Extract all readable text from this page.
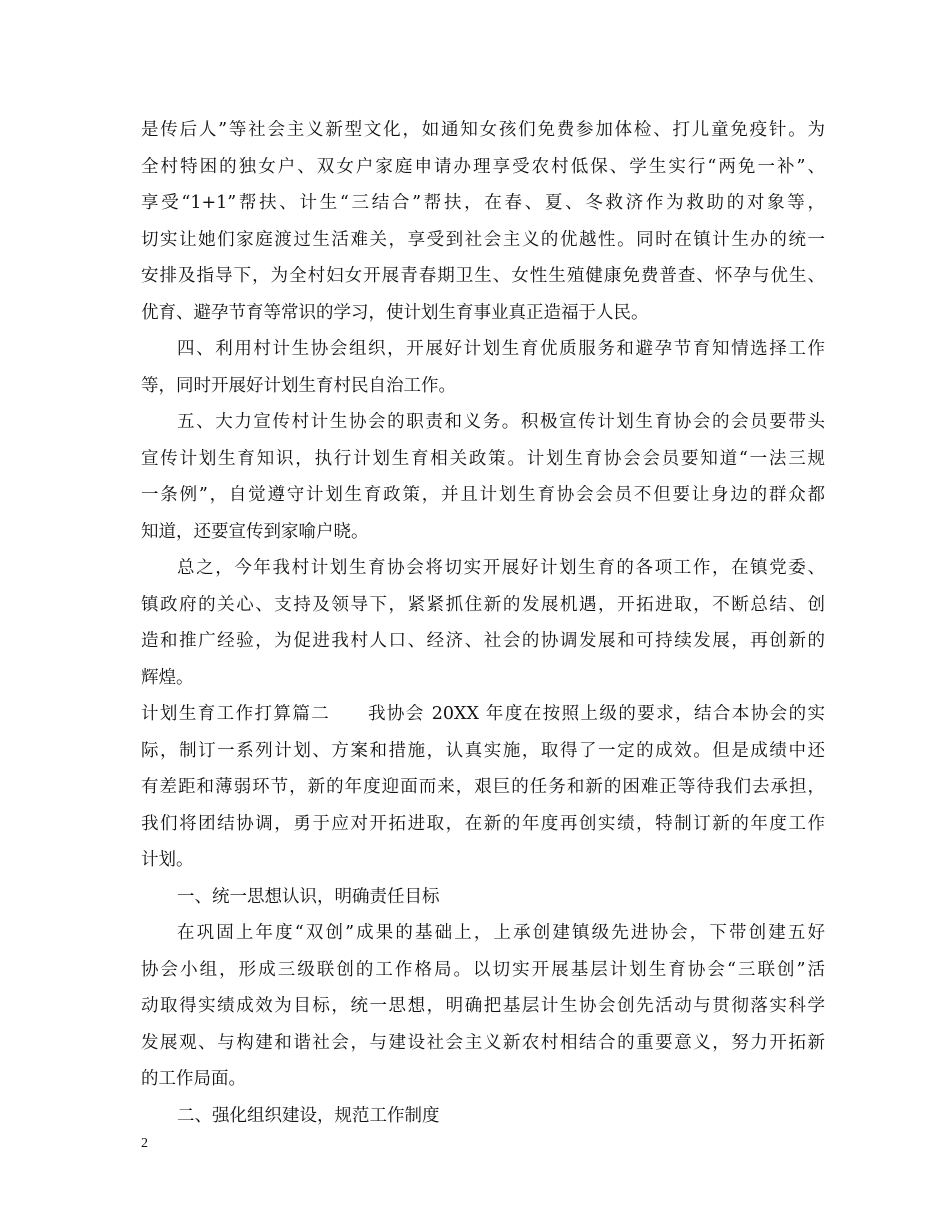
是传后人”等社会主义新型文化，如通知女孩们免费参加体检、打儿童免疫针。为
全村特困的独女户、双女户家庭申请办理享受农村低保、学生实行“两免一补”、
享受“1+1”帮扶、计生“三结合”帮扶，在春、夏、冬救济作为救助的对象等，
切实让她们家庭渡过生活难关，享受到社会主义的优越性。同时在镇计生办的统一
安排及指导下，为全村妇女开展青春期卫生、女性生殖健康免费普查、怀孕与优生、
优育、避孕节育等常识的学习，使计划生育事业真正造福于人民。
四、利用村计生协会组织，开展好计划生育优质服务和避孕节育知情选择工作
等，同时开展好计划生育村民自治工作。
五、大力宣传村计生协会的职责和义务。积极宣传计划生育协会的会员要带头
宣传计划生育知识，执行计划生育相关政策。计划生育协会会员要知道“一法三规
一条例”，自觉遵守计划生育政策，并且计划生育协会会员不但要让身边的群众都
知道，还要宣传到家喻户晓。
总之，今年我村计划生育协会将切实开展好计划生育的各项工作，在镇党委、
镇政府的关心、支持及领导下，紧紧抓住新的发展机遇，开拓进取，不断总结、创
造和推广经验，为促进我村人口、经济、社会的协调发展和可持续发展，再创新的
辉煌。
计划生育工作打算篇二　　我协会 20XX 年度在按照上级的要求，结合本协会的实
际，制订一系列计划、方案和措施，认真实施，取得了一定的成效。但是成绩中还
有差距和薄弱环节，新的年度迎面而来，艰巨的任务和新的困难正等待我们去承担，
我们将团结协调，勇于应对开拓进取，在新的年度再创实绩，特制订新的年度工作
计划。
一、统一思想认识，明确责任目标
在巩固上年度“双创”成果的基础上，上承创建镇级先进协会，下带创建五好
协会小组，形成三级联创的工作格局。以切实开展基层计划生育协会“三联创”活
动取得实绩成效为目标，统一思想，明确把基层计生协会创先活动与贯彻落实科学
发展观、与构建和谐社会，与建设社会主义新农村相结合的重要意义，努力开拓新
的工作局面。
二、强化组织建设，规范工作制度
2
